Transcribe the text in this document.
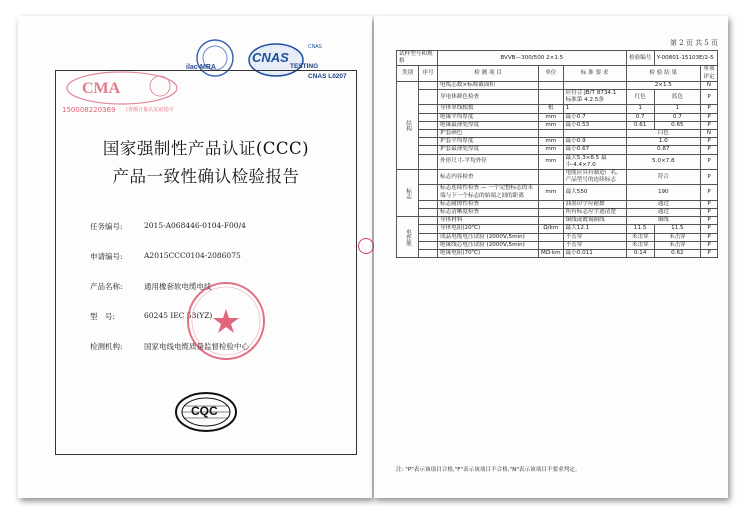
150008220369 (省级计量认证)(国)字
CMA
ilac-MRA
CNAS
CNAS
TESTING
CNAS L0207
国家强制性产品认证(CCC)
产品一致性确认检验报告
任务编号:	2015-A068446-0104-F00/4
申请编号:	A2015CCC0104-2086075
产品名称:	通用橡套软电缆电线
型　号:	60245 IEC 53(YZ)
检测机构:	国家电线电缆质量监督检验中心
CQC
第 2 页 共 5 页
试样型号和规格		BVVB—300/500 2×1.5			检验编号	Y-00801-15103E/2-5	
类别	序号	检 测 项 目	单位	标 准 要 求	检 验 结 果		单项评定
结构		电缆芯数×标称截面积			2×1.5		N
		导电体颜色检查		应符合 JB/T 8734.1 标准第 4.2.5条	红色	蓝色	P
		导体单线根数	根	1	1	1	P
		绝缘平均厚度	mm	最小0.7	0.7	0.7	P
		绝缘最薄处厚度	mm	最小0.53	0.61	0.65	P
		护套颜色			白色		N
		护套平均厚度	mm	最小0.9	1.0		P
		护套最薄处厚度	mm	最小0.67	0.87		P
		外形尺寸-平均外径	mm	最大5.3×8.5 最小-4.4×7.0	5.0×7.8		P
标志		标志内容检查		电缆应具有制造厂名、产品型号的连续标志	符合		P
		标志连续性检查 — 一个完整标志的末端与下一个标志的始端之间的距离	mm	最大550	190		P
		标志耐擦性检查		油墨印字应耐擦	通过		P
		标志清晰度检查		所有标志应字迹清楚	通过		P
电性能		导体材料		铜线或镀锡铜线	铜线		P
		导体电阻(20℃)	Ω/km	最大12.1	11.5	11.5	P
		成品电缆电压试验 (2000V,5min)		不击穿	未击穿	未击穿	P
		绝缘线芯电压试验 (2000V,5min)		不击穿	未击穿	未击穿	P
		绝缘电阻(70℃)	MΩ·km	最小0.011	0.14	0.62	P
注: "P"表示该项目合格,"F"表示该项目不合格,"N"表示该项目不要求判定。
